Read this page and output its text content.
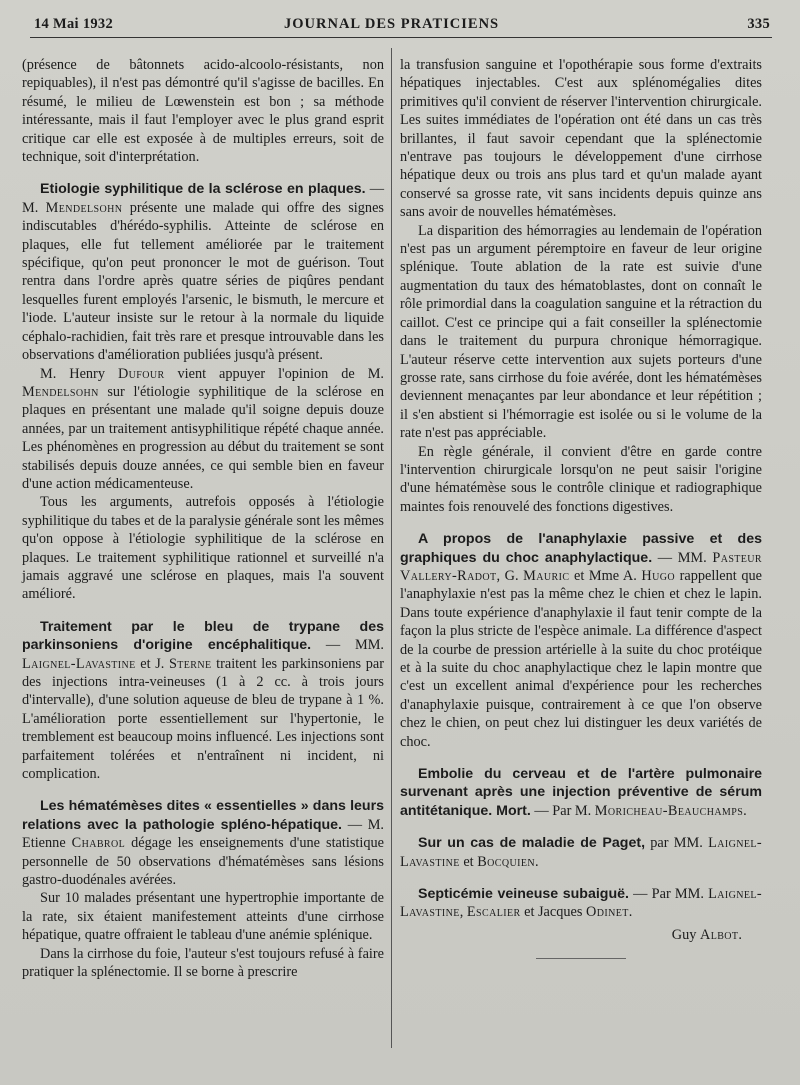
14 Mai 1932	JOURNAL DES PRATICIENS	335

(présence de bâtonnets acido-alcoolo-résistants, non repiquables), il n'est pas démontré qu'il s'agisse de bacilles. En résumé, le milieu de Lœwenstein est bon ; sa méthode intéressante, mais il faut l'employer avec le plus grand esprit critique car elle est exposée à de multiples erreurs, soit de technique, soit d'interprétation.

Etiologie syphilitique de la sclérose en plaques. — M. Mendelsohn présente une malade qui offre des signes indiscutables d'hérédo-syphilis. Atteinte de sclérose en plaques, elle fut tellement améliorée par le traitement spécifique, qu'on peut prononcer le mot de guérison. Tout rentra dans l'ordre après quatre séries de piqûres pendant lesquelles furent employés l'arsenic, le bismuth, le mercure et l'iode. L'auteur insiste sur le retour à la normale du liquide céphalo-rachidien, fait très rare et presque introuvable dans les observations d'amélioration publiées jusqu'à présent.

M. Henry Dufour vient appuyer l'opinion de M. Mendelsohn sur l'étiologie syphilitique de la sclérose en plaques en présentant une malade qu'il soigne depuis douze années, par un traitement antisyphilitique répété chaque année. Les phénomènes en progression au début du traitement se sont stabilisés depuis douze années, ce qui semble bien en faveur d'une action médicamenteuse.

Tous les arguments, autrefois opposés à l'étiologie syphilitique du tabes et de la paralysie générale sont les mêmes qu'on oppose à l'étiologie syphilitique de la sclérose en plaques. Le traitement syphilitique rationnel et surveillé n'a jamais aggravé une sclérose en plaques, mais l'a souvent amélioré.

Traitement par le bleu de trypane des parkinsoniens d'origine encéphalitique. — MM. Laignel-Lavastine et J. Sterne traitent les parkinsoniens par des injections intra-veineuses (1 à 2 cc. à trois jours d'intervalle), d'une solution aqueuse de bleu de trypane à 1 %. L'amélioration porte essentiellement sur l'hypertonie, le tremblement est beaucoup moins influencé. Les injections sont parfaitement tolérées et n'entraînent ni incident, ni complication.

Les hématémèses dites « essentielles » dans leurs relations avec la pathologie spléno-hépatique. — M. Etienne Chabrol dégage les enseignements d'une statistique personnelle de 50 observations d'hématémèses sans lésions gastro-duodénales avérées.

Sur 10 malades présentant une hypertrophie importante de la rate, six étaient manifestement atteints d'une cirrhose hépatique, quatre offraient le tableau d'une anémie splénique.

Dans la cirrhose du foie, l'auteur s'est toujours refusé à faire pratiquer la splénectomie. Il se borne à prescrire

la transfusion sanguine et l'opothérapie sous forme d'extraits hépatiques injectables. C'est aux splénomégalies dites primitives qu'il convient de réserver l'intervention chirurgicale. Les suites immédiates de l'opération ont été dans un cas très brillantes, il faut savoir cependant que la splénectomie n'entrave pas toujours le développement d'une cirrhose hépatique deux ou trois ans plus tard et qu'un malade ayant conservé sa grosse rate, vit sans incidents depuis quinze ans sans avoir de nouvelles hématémèses.

La disparition des hémorragies au lendemain de l'opération n'est pas un argument péremptoire en faveur de leur origine splénique. Toute ablation de la rate est suivie d'une augmentation du taux des hématoblastes, dont on connaît le rôle primordial dans la coagulation sanguine et la rétraction du caillot. C'est ce principe qui a fait conseiller la splénectomie dans le traitement du purpura chronique hémorragique. L'auteur réserve cette intervention aux sujets porteurs d'une grosse rate, sans cirrhose du foie avérée, dont les hématémèses deviennent menaçantes par leur abondance et leur répétition ; il s'en abstient si l'hémorragie est isolée ou si le volume de la rate n'est pas appréciable.

En règle générale, il convient d'être en garde contre l'intervention chirurgicale lorsqu'on ne peut saisir l'origine d'une hématémèse sous le contrôle clinique et radiographique maintes fois renouvelé des fonctions digestives.

A propos de l'anaphylaxie passive et des graphiques du choc anaphylactique. — MM. Pasteur Vallery-Radot, G. Mauric et Mme A. Hugo rappellent que l'anaphylaxie n'est pas la même chez le chien et chez le lapin. Dans toute expérience d'anaphylaxie il faut tenir compte de la façon la plus stricte de l'espèce animale. La différence d'aspect de la courbe de pression artérielle à la suite du choc protéique et à la suite du choc anaphylactique chez le lapin montre que c'est un excellent animal d'expérience pour les recherches d'anaphylaxie puisque, contrairement à ce que l'on observe chez le chien, on peut chez lui distinguer les deux variétés de choc.

Embolie du cerveau et de l'artère pulmonaire survenant après une injection préventive de sérum antitétanique. Mort. — Par M. Moricheau-Beauchamps.

Sur un cas de maladie de Paget, par MM. Laignel-Lavastine et Bocquien.

Septicémie veineuse subaiguë. — Par MM. Laignel-Lavastine, Escalier et Jacques Odinet.

Guy Albot.
